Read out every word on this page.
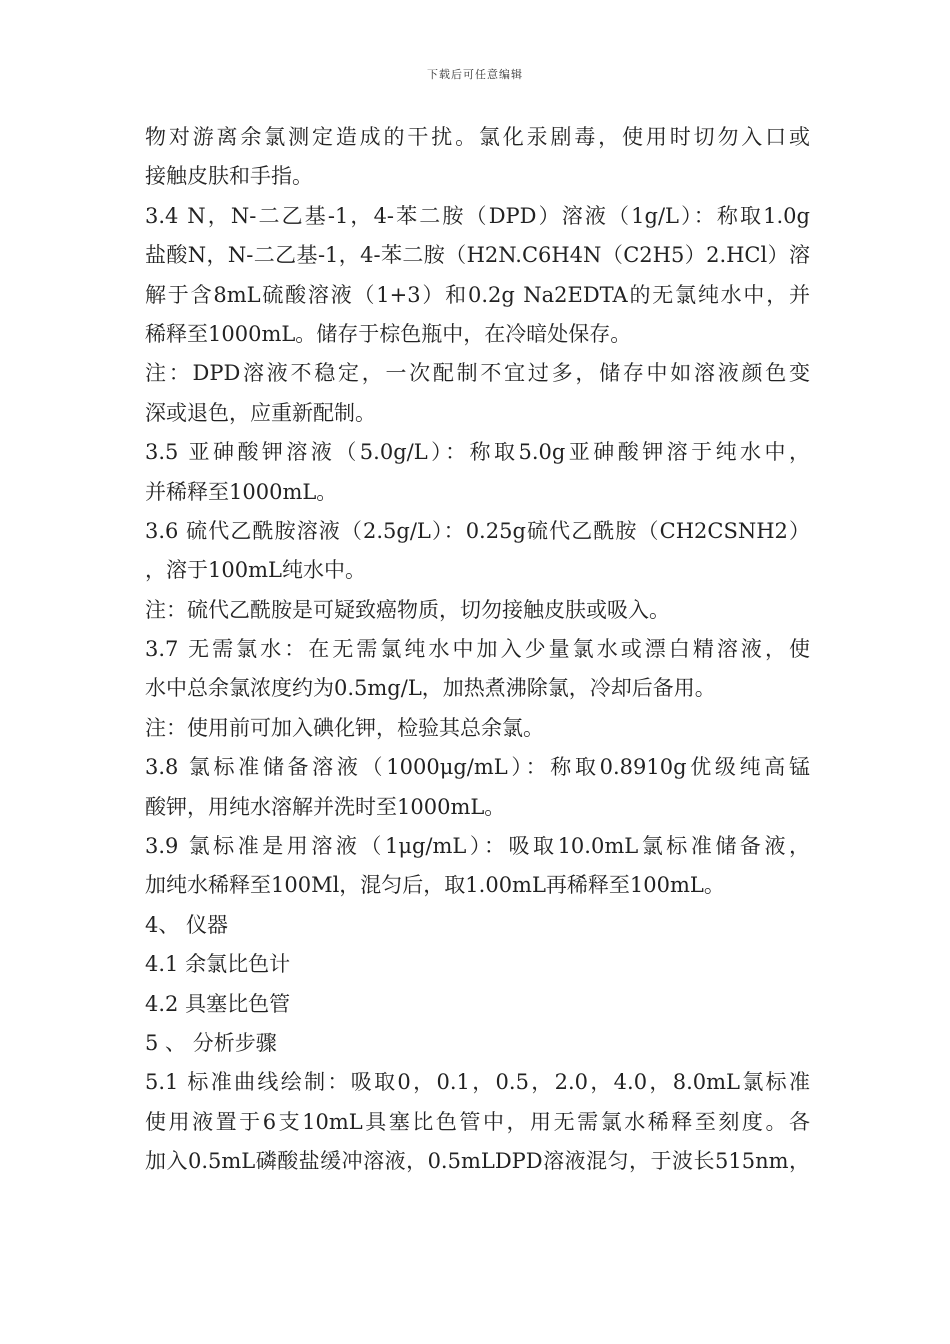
下载后可任意编辑
物对游离余氯测定造成的干扰。氯化汞剧毒，使用时切勿入口或
接触皮肤和手指。
3.4 N，N-二乙基-1，4-苯二胺（DPD）溶液（1g/L）：称取1.0g
盐酸N，N-二乙基-1，4-苯二胺（H2N.C6H4N（C2H5）2.HCl）溶
解于含8mL硫酸溶液（1+3）和0.2g Na2EDTA的无氯纯水中，并
稀释至1000mL。储存于棕色瓶中，在冷暗处保存。
注：DPD溶液不稳定，一次配制不宜过多，储存中如溶液颜色变
深或退色，应重新配制。
3.5 亚砷酸钾溶液（5.0g/L）：称取5.0g亚砷酸钾溶于纯水中，
并稀释至1000mL。
3.6 硫代乙酰胺溶液（2.5g/L）：0.25g硫代乙酰胺（CH2CSNH2）
，溶于100mL纯水中。
注：硫代乙酰胺是可疑致癌物质，切勿接触皮肤或吸入。
3.7 无需氯水：在无需氯纯水中加入少量氯水或漂白精溶液，使
水中总余氯浓度约为0.5mg/L，加热煮沸除氯，冷却后备用。
注：使用前可加入碘化钾，检验其总余氯。
3.8 氯标准储备溶液（1000μg/mL）：称取0.8910g优级纯高锰
酸钾，用纯水溶解并洗时至1000mL。
3.9 氯标准是用溶液（1μg/mL）：吸取10.0mL氯标准储备液，
加纯水稀释至100Ml，混匀后，取1.00mL再稀释至100mL。
4、 仪器
4.1 余氯比色计
4.2 具塞比色管
5 、 分析步骤
5.1 标准曲线绘制：吸取0，0.1，0.5，2.0，4.0，8.0mL氯标准
使用液置于6支10mL具塞比色管中，用无需氯水稀释至刻度。各
加入0.5mL磷酸盐缓冲溶液，0.5mLDPD溶液混匀，于波长515nm，
